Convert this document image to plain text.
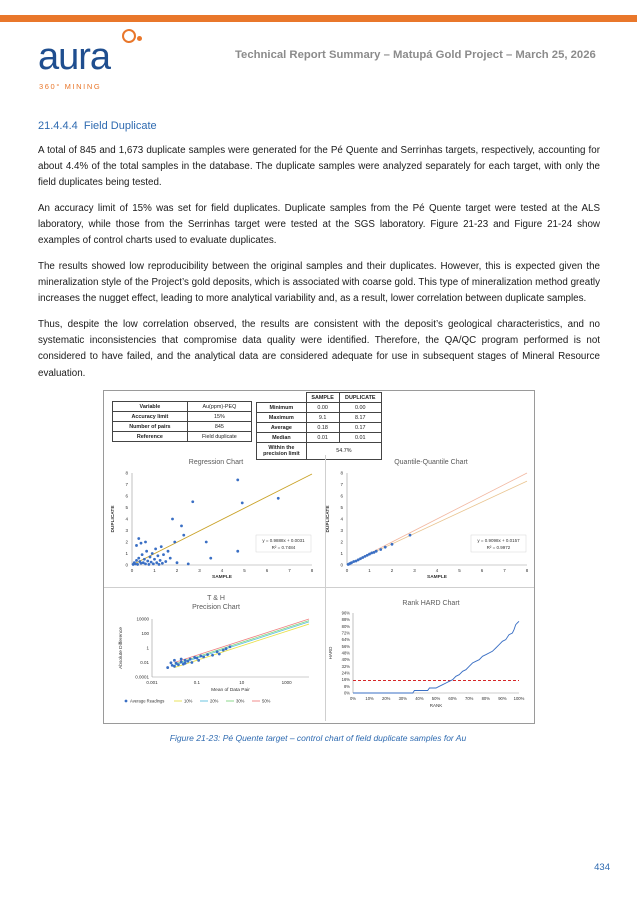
aura
360° MINING
Technical Report Summary – Matupá Gold Project – March 25, 2026
21.4.4.4 Field Duplicate

A total of 845 and 1,673 duplicate samples were generated for the Pé Quente and Serrinhas targets, respectively, accounting for about 4.4% of the total samples in the database. The duplicate samples were analyzed separately for each target, with only the field duplicates being tested.

An accuracy limit of 15% was set for field duplicates. Duplicate samples from the Pé Quente target were tested at the ALS laboratory, while those from the Serrinhas target were tested at the SGS laboratory. Figure 21-23 and Figure 21-24 show examples of control charts used to evaluate duplicates.

The results showed low reproducibility between the original samples and their duplicates. However, this is expected given the mineralization style of the Project’s gold deposits, which is associated with coarse gold. This type of mineralization method greatly increases the nugget effect, leading to more analytical variability and, as a result, lower correlation between duplicate samples.

Thus, despite the low correlation observed, the results are consistent with the deposit’s geological characteristics, and no systematic inconsistencies that compromise data quality were identified. Therefore, the QA/QC program performed is not considered to have failed, and the analytical data are considered adequate for use in subsequent stages of Mineral Resource evaluation.

Variable	Au(ppm)-PEQ
Accuracy limit	15%
Number of pairs	845
Reference	Field duplicate
	SAMPLE	DUPLICATE
Minimum	0.00	0.00
Maximum	9.1	8.17
Average	0.18	0.17
Median	0.01	0.01
Within the
precision limit	54.7%	
Regression Chart
0	1	2	3	4	5	6	7	8
0
1
2
3
4
5
6
7
8
SAMPLE
DUPLICATE
y = 0.9888x + 0.0031
R² = 0.7484
Quantile-Quantile Chart
0	1	2	3	4	5	6	7	8
0
1
2
3
4
5
6
7
8
SAMPLE
DUPLICATE
y = 0.9098x + 0.0157
R² = 0.9972
T & H
Precision Chart
0.001	0.1	10	1000
10000
100
1
0.01
0.0001
Mean of Data Pair
Absolute Difference
Average Readings	10%	20%	30%	50%
Rank HARD Chart
0% 10% 20% 30% 40% 50% 60% 70% 80% 90% 100%
0%
8%
16%
24%
32%
40%
48%
56%
64%
72%
80%
88%
96%
RANK
HARD
Figure 21-23: Pé Quente target – control chart of field duplicate samples for Au
434
